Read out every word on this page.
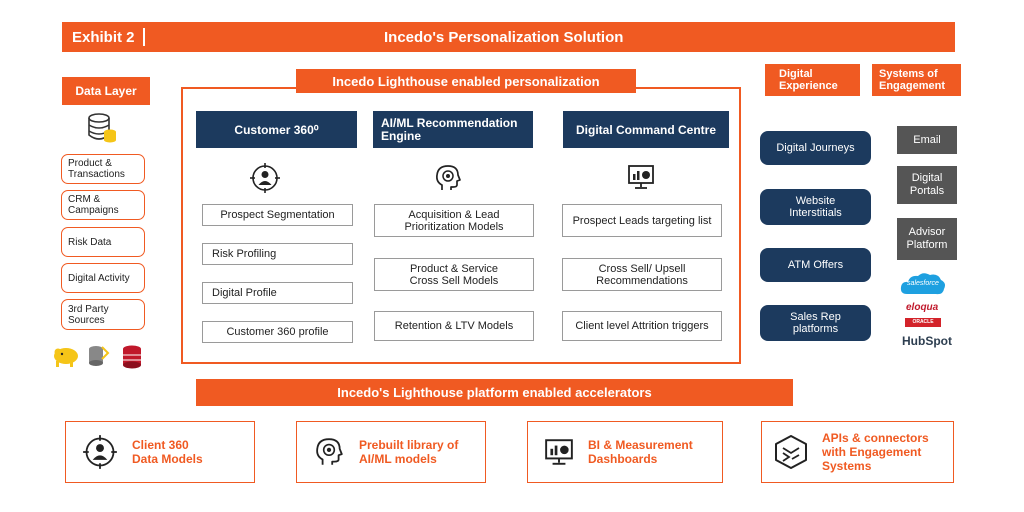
Exhibit 2	Incedo's Personalization Solution
Data Layer
Product &
Transactions
CRM &
Campaigns
Risk Data
Digital Activity
3rd Party
Sources
Incedo Lighthouse enabled personalization
Customer 360⁰	AI/ML Recommendation
Engine	Digital Command Centre
Prospect Segmentation
Risk Profiling
Digital Profile
Customer 360 profile
Acquisition & Lead
Prioritization Models
Product & Service
Cross Sell Models
Retention & LTV Models
Prospect Leads targeting list
Cross Sell/ Upsell
Recommendations
Client level Attrition triggers
Digital
Experience
Digital Journeys
Website
Interstitials
ATM Offers
Sales Rep
platforms
Systems of
Engagement
Email
Digital
Portals
Advisor
Platform
salesforce
eloqua
ORACLE
HubSpot
Incedo's Lighthouse platform enabled accelerators
Client 360
Data Models
Prebuilt library of
AI/ML models
BI & Measurement
Dashboards
APIs & connectors
with Engagement
Systems
